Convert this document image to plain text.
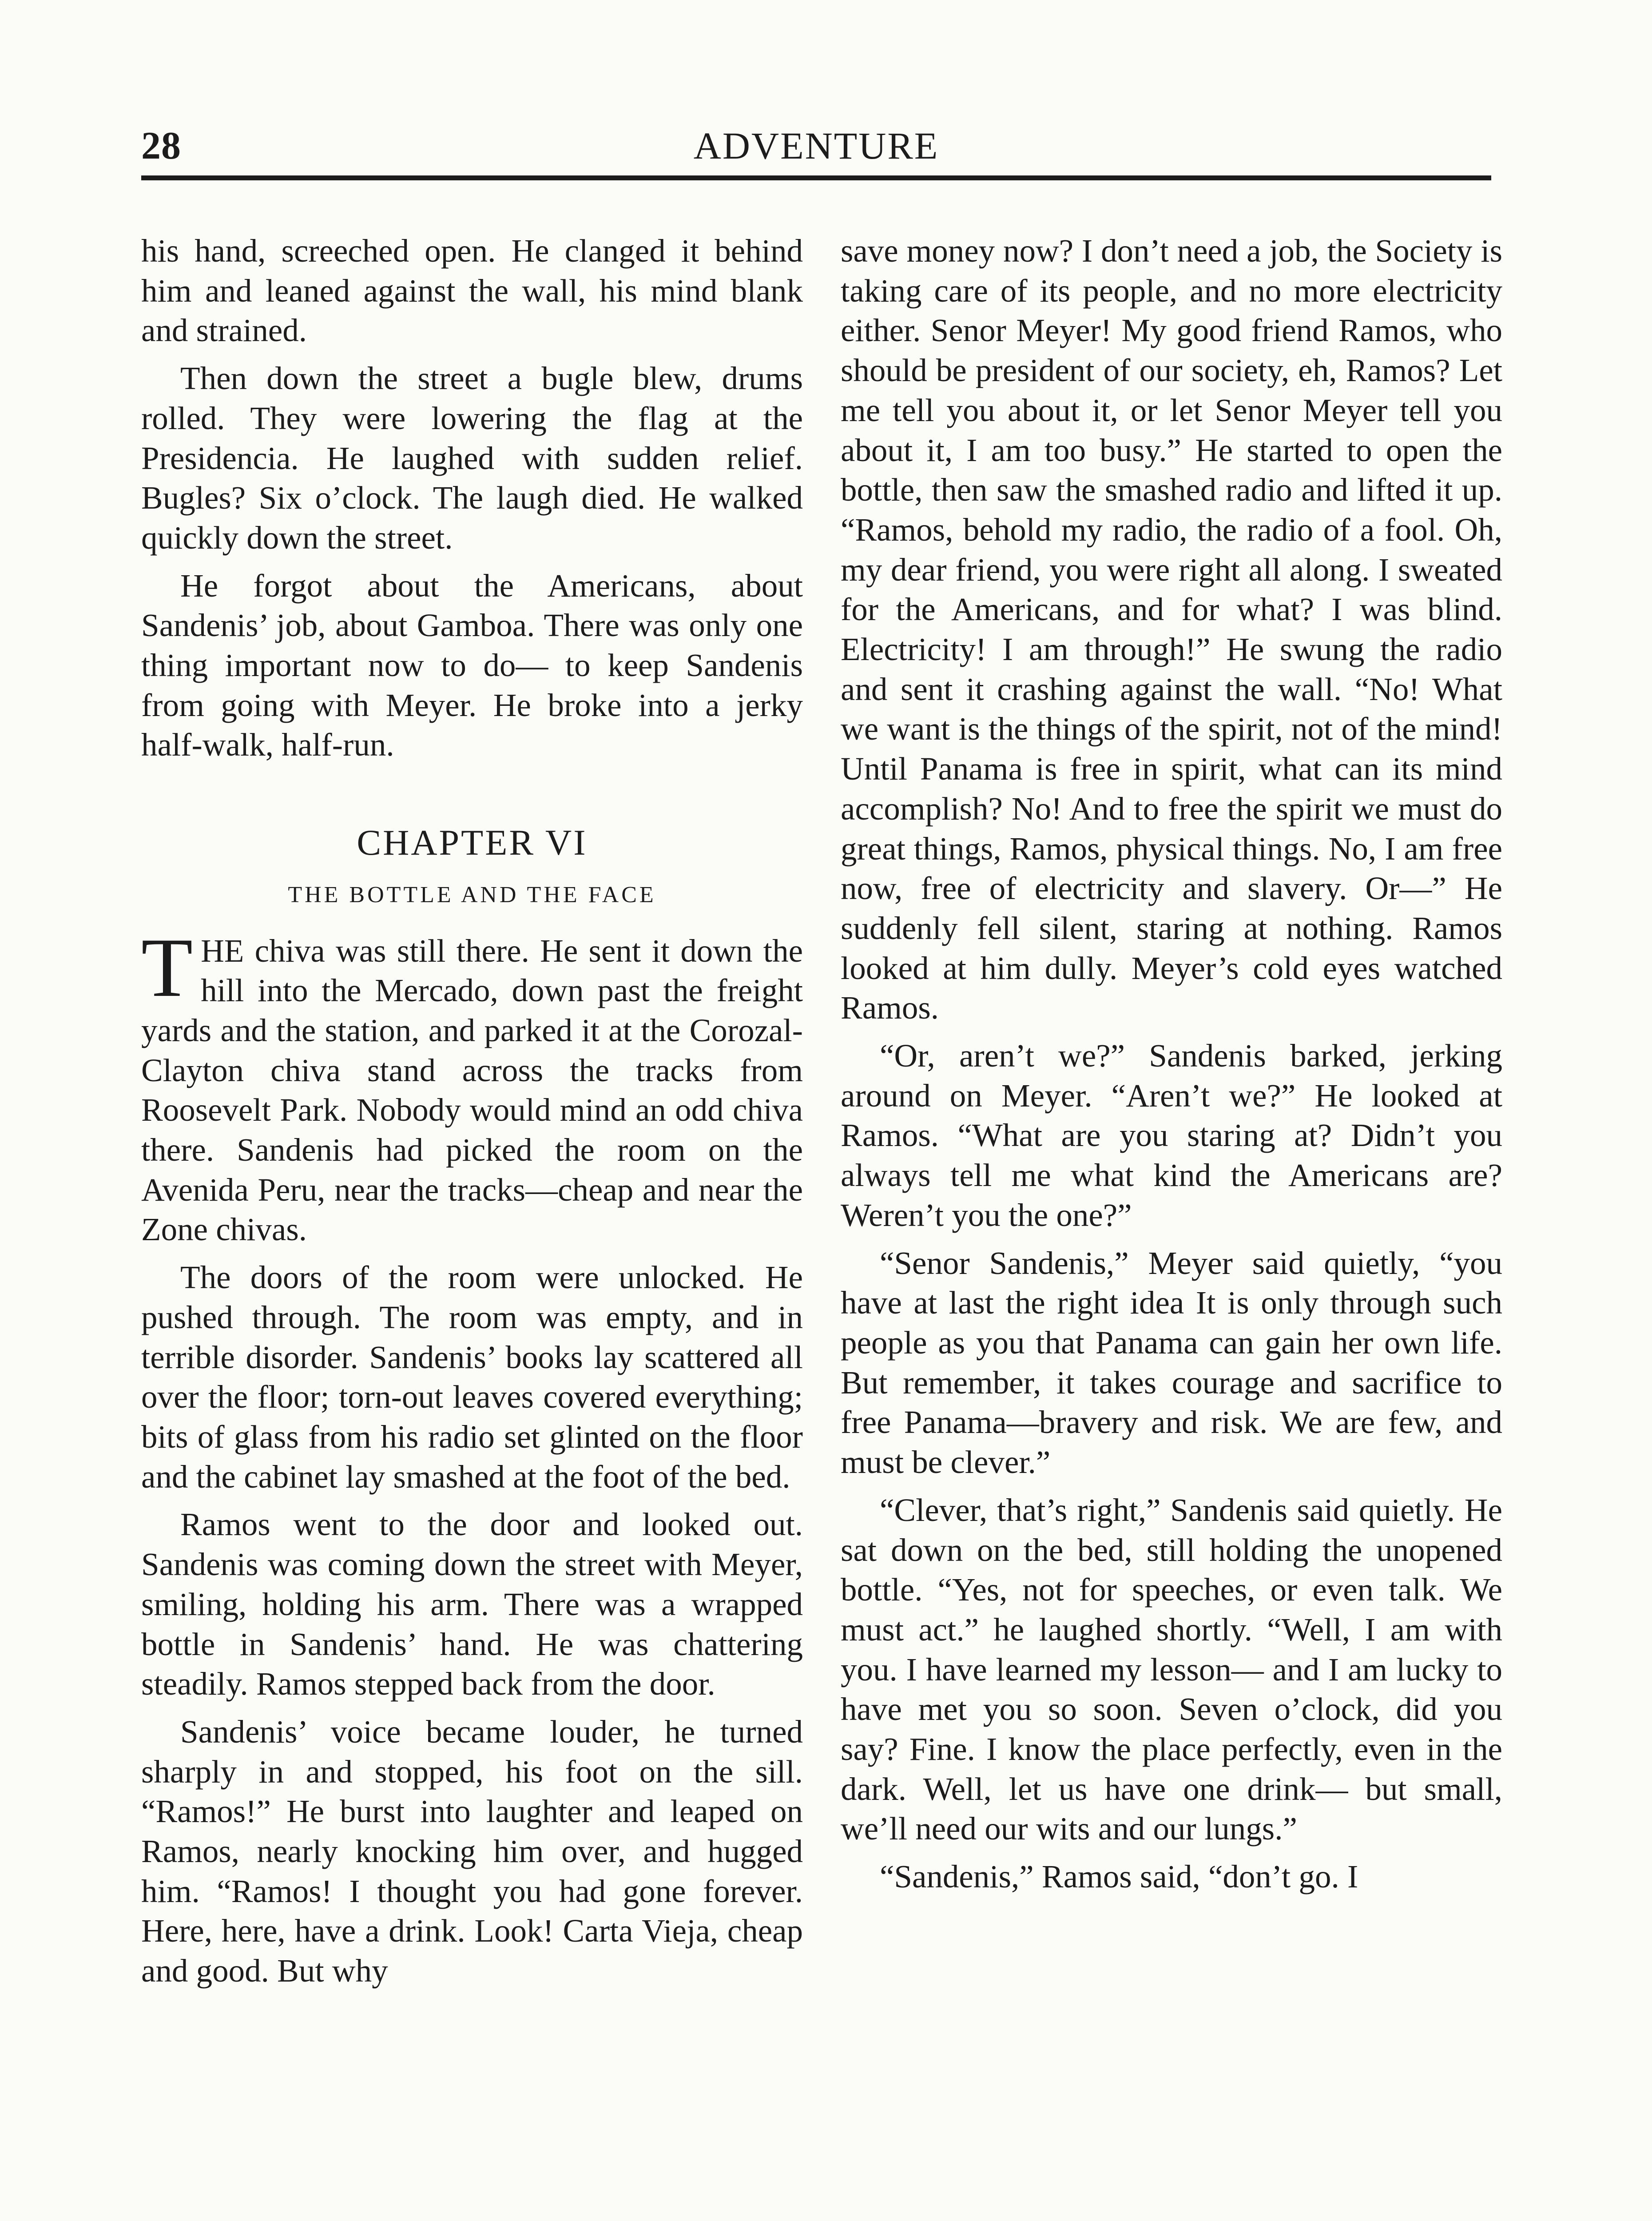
28	ADVENTURE

his hand, screeched open. He clanged it behind him and leaned against the wall, his mind blank and strained.

Then down the street a bugle blew, drums rolled. They were lowering the flag at the Presidencia. He laughed with sudden relief. Bugles? Six o’clock. The laugh died. He walked quickly down the street.

He forgot about the Americans, about Sandenis’ job, about Gamboa. There was only one thing important now to do— to keep Sandenis from going with Meyer. He broke into a jerky half-walk, half-run.

CHAPTER VI
THE BOTTLE AND THE FACE

THE chiva was still there. He sent it down the hill into the Mercado, down past the freight yards and the station, and parked it at the Corozal-Clayton chiva stand across the tracks from Roosevelt Park. Nobody would mind an odd chiva there. Sandenis had picked the room on the Avenida Peru, near the tracks—cheap and near the Zone chivas.

The doors of the room were unlocked. He pushed through. The room was empty, and in terrible disorder. Sandenis’ books lay scattered all over the floor; torn-out leaves covered everything; bits of glass from his radio set glinted on the floor and the cabinet lay smashed at the foot of the bed.

Ramos went to the door and looked out. Sandenis was coming down the street with Meyer, smiling, holding his arm. There was a wrapped bottle in Sandenis’ hand. He was chattering steadily. Ramos stepped back from the door.

Sandenis’ voice became louder, he turned sharply in and stopped, his foot on the sill. “Ramos!” He burst into laughter and leaped on Ramos, nearly knocking him over, and hugged him. “Ramos! I thought you had gone forever. Here, here, have a drink. Look! Carta Vieja, cheap and good. But why

save money now? I don’t need a job, the Society is taking care of its people, and no more electricity either. Senor Meyer! My good friend Ramos, who should be president of our society, eh, Ramos? Let me tell you about it, or let Senor Meyer tell you about it, I am too busy.” He started to open the bottle, then saw the smashed radio and lifted it up. “Ramos, behold my radio, the radio of a fool. Oh, my dear friend, you were right all along. I sweated for the Americans, and for what? I was blind. Electricity! I am through!” He swung the radio and sent it crashing against the wall. “No! What we want is the things of the spirit, not of the mind! Until Panama is free in spirit, what can its mind accomplish? No! And to free the spirit we must do great things, Ramos, physical things. No, I am free now, free of electricity and slavery. Or—” He suddenly fell silent, staring at nothing. Ramos looked at him dully. Meyer’s cold eyes watched Ramos.

“Or, aren’t we?” Sandenis barked, jerking around on Meyer. “Aren’t we?” He looked at Ramos. “What are you staring at? Didn’t you always tell me what kind the Americans are? Weren’t you the one?”

“Senor Sandenis,” Meyer said quietly, “you have at last the right idea It is only through such people as you that Panama can gain her own life. But remember, it takes courage and sacrifice to free Panama—bravery and risk. We are few, and must be clever.”

“Clever, that’s right,” Sandenis said quietly. He sat down on the bed, still holding the unopened bottle. “Yes, not for speeches, or even talk. We must act.” he laughed shortly. “Well, I am with you. I have learned my lesson— and I am lucky to have met you so soon. Seven o’clock, did you say? Fine. I know the place perfectly, even in the dark. Well, let us have one drink— but small, we’ll need our wits and our lungs.”

“Sandenis,” Ramos said, “don’t go. I
